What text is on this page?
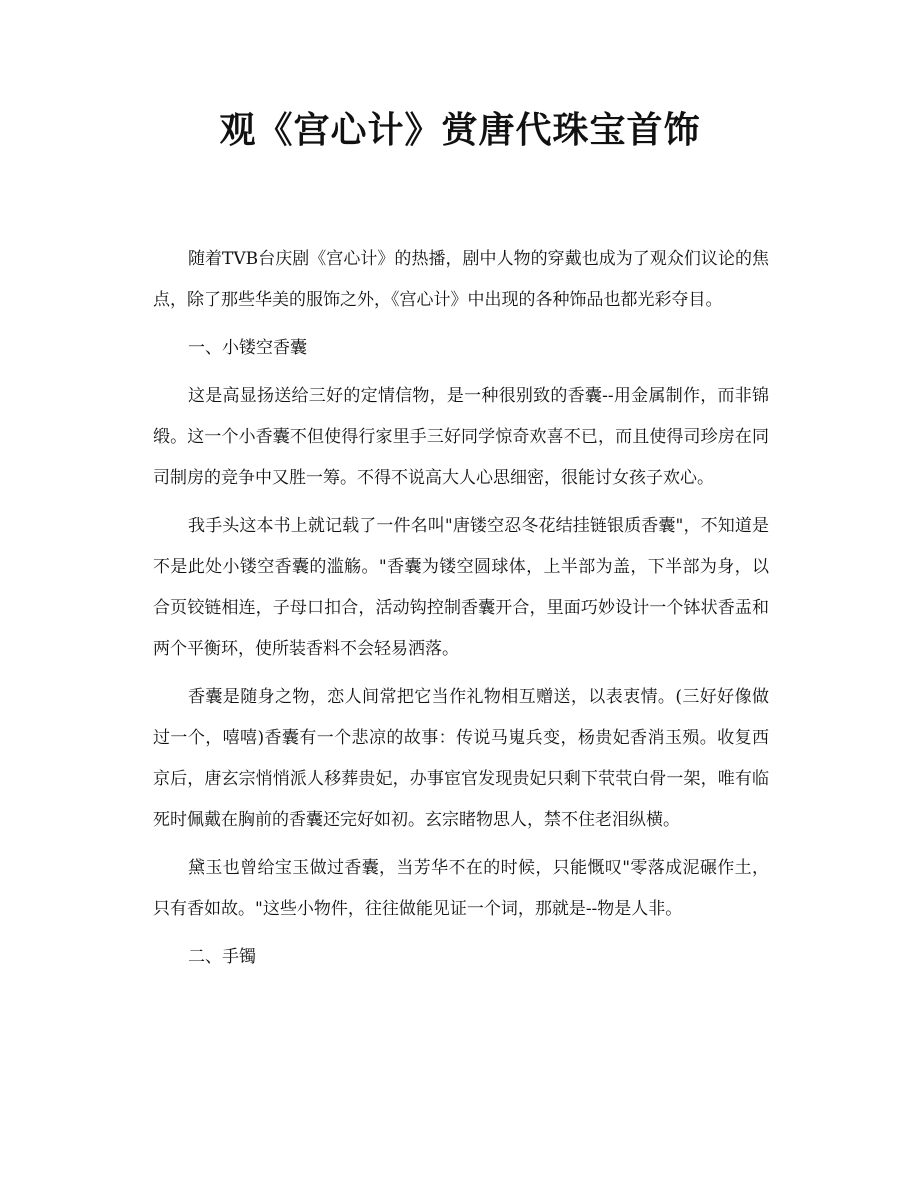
观《宫心计》赏唐代珠宝首饰

随着TVB台庆剧《宫心计》的热播，剧中人物的穿戴也成为了观众们议论的焦点，除了那些华美的服饰之外，《宫心计》中出现的各种饰品也都光彩夺目。

一、小镂空香囊

这是高显扬送给三好的定情信物，是一种很别致的香囊--用金属制作，而非锦缎。这一个小香囊不但使得行家里手三好同学惊奇欢喜不已，而且使得司珍房在同司制房的竞争中又胜一筹。不得不说高大人心思细密，很能讨女孩子欢心。

我手头这本书上就记载了一件名叫"唐镂空忍冬花结挂链银质香囊"，不知道是不是此处小镂空香囊的滥觞。"香囊为镂空圆球体，上半部为盖，下半部为身，以合页铰链相连，子母口扣合，活动钩控制香囊开合，里面巧妙设计一个钵状香盂和两个平衡环，使所装香料不会轻易洒落。

香囊是随身之物，恋人间常把它当作礼物相互赠送，以表衷情。(三好好像做过一个，嘻嘻)香囊有一个悲凉的故事：传说马嵬兵变，杨贵妃香消玉殒。收复西京后，唐玄宗悄悄派人移葬贵妃，办事宦官发现贵妃只剩下茕茕白骨一架，唯有临死时佩戴在胸前的香囊还完好如初。玄宗睹物思人，禁不住老泪纵横。

黛玉也曾给宝玉做过香囊，当芳华不在的时候，只能慨叹"零落成泥碾作土，只有香如故。"这些小物件，往往做能见证一个词，那就是--物是人非。

二、手镯
